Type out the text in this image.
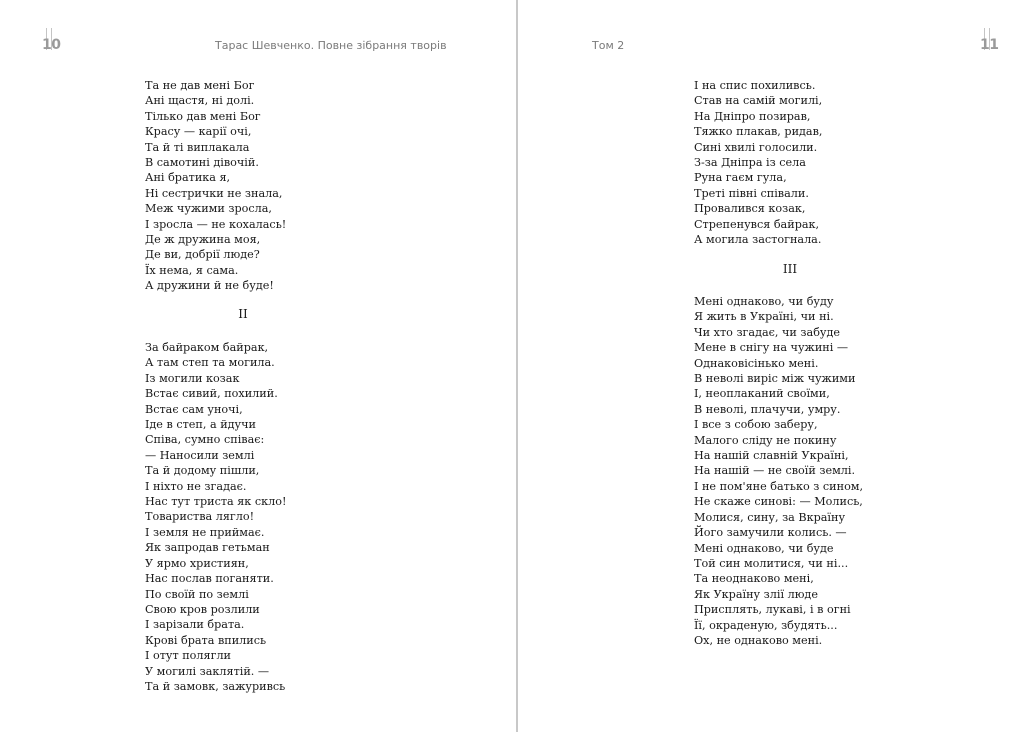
10	Тарас Шевченко. Повне зібрання творів
Та не дав мені Бог
Ані щастя, ні долі.
Тілько дав мені Бог
Красу — карії очі,
Та й ті виплакала
В самотині дівочій.
Ані братика я,
Ні сестрички не знала,
Меж чужими зросла,
І зросла — не кохалась!
Де ж дружина моя,
Де ви, добрії люде?
Їх нема, я сама.
А дружини й не буде!
II
За байраком байрак,
А там степ та могила.
Із могили козак
Встає сивий, похилий.
Встає сам уночі,
Іде в степ, а йдучи
Співа, сумно співає:
— Наносили землі
Та й додому пішли,
І ніхто не згадає.
Нас тут триста як скло!
Товариства лягло!
І земля не приймає.
Як запродав гетьман
У ярмо християн,
Нас послав поганяти.
По своїй по землі
Свою кров розлили
І зарізали брата.
Крові брата впились
І отут полягли
У могилі заклятій. —
Та й замовк, зажуривсь
11
Том 2
І на спис похиливсь.
Став на самій могилі,
На Дніпро позирав,
Тяжко плакав, ридав,
Сині хвилі голосили.
З-за Дніпра із села
Руна гаєм гула,
Треті півні співали.
Провалився козак,
Стрепенувся байрак,
А могила застогнала.
III
Мені однаково, чи буду
Я жить в Україні, чи ні.
Чи хто згадає, чи забуде
Мене в снігу на чужині —
Однаковісінько мені.
В неволі виріс між чужими
І, неоплаканий своїми,
В неволі, плачучи, умру.
І все з собою заберу,
Малого сліду не покину
На нашій славній Україні,
На нашій — не своїй землі.
І не пом'яне батько з сином,
Не скаже синові: — Молись,
Молися, сину, за Вкраїну
Його замучили колись. —
Мені однаково, чи буде
Той син молитися, чи ні...
Та неоднаково мені,
Як Україну злії люде
Присплять, лукаві, і в огні
Її, окраденую, збудять...
Ох, не однаково мені.
